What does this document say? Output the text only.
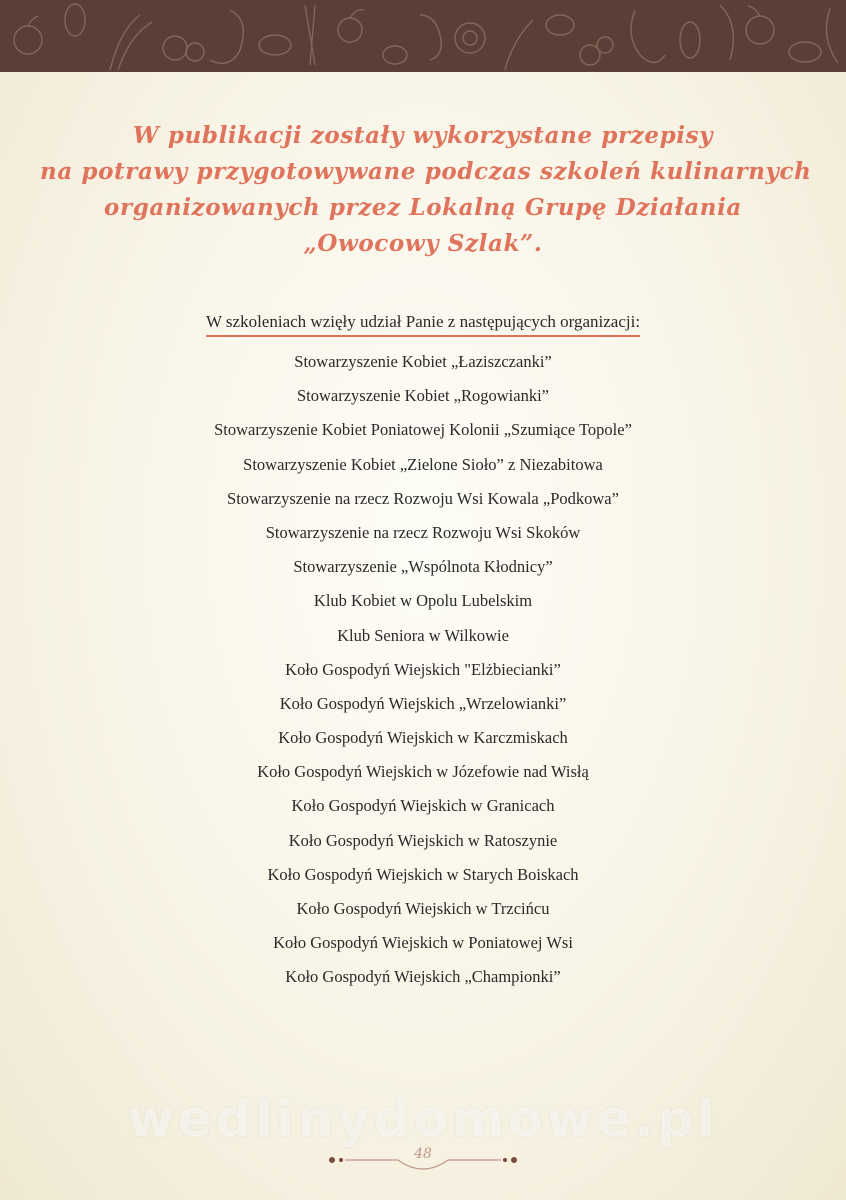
W publikacji zostały wykorzystane przepisy
na potrawy przygotowywane podczas szkoleń kulinarnych
organizowanych przez Lokalną Grupę Działania
„Owocowy Szlak”.
W szkoleniach wzięły udział Panie z następujących organizacji:
Stowarzyszenie Kobiet „Łaziszczanki”
Stowarzyszenie Kobiet „Rogowianki”
Stowarzyszenie Kobiet Poniatowej Kolonii „Szumiące Topole”
Stowarzyszenie Kobiet „Zielone Sioło” z Niezabitowa
Stowarzyszenie na rzecz Rozwoju Wsi Kowala „Podkowa”
Stowarzyszenie na rzecz Rozwoju Wsi Skoków
Stowarzyszenie „Wspólnota Kłodnicy”
Klub Kobiet w Opolu Lubelskim
Klub Seniora w Wilkowie
Koło Gospodyń Wiejskich "Elżbiecianki”
Koło Gospodyń Wiejskich „Wrzelowianki”
Koło Gospodyń Wiejskich w Karczmiskach
Koło Gospodyń Wiejskich w Józefowie nad Wisłą
Koło Gospodyń Wiejskich w Granicach
Koło Gospodyń Wiejskich w Ratoszynie
Koło Gospodyń Wiejskich w Starych Boiskach
Koło Gospodyń Wiejskich w Trzcińcu
Koło Gospodyń Wiejskich w Poniatowej Wsi
Koło Gospodyń Wiejskich „Championki”
wedlinydomowe.pl
48
